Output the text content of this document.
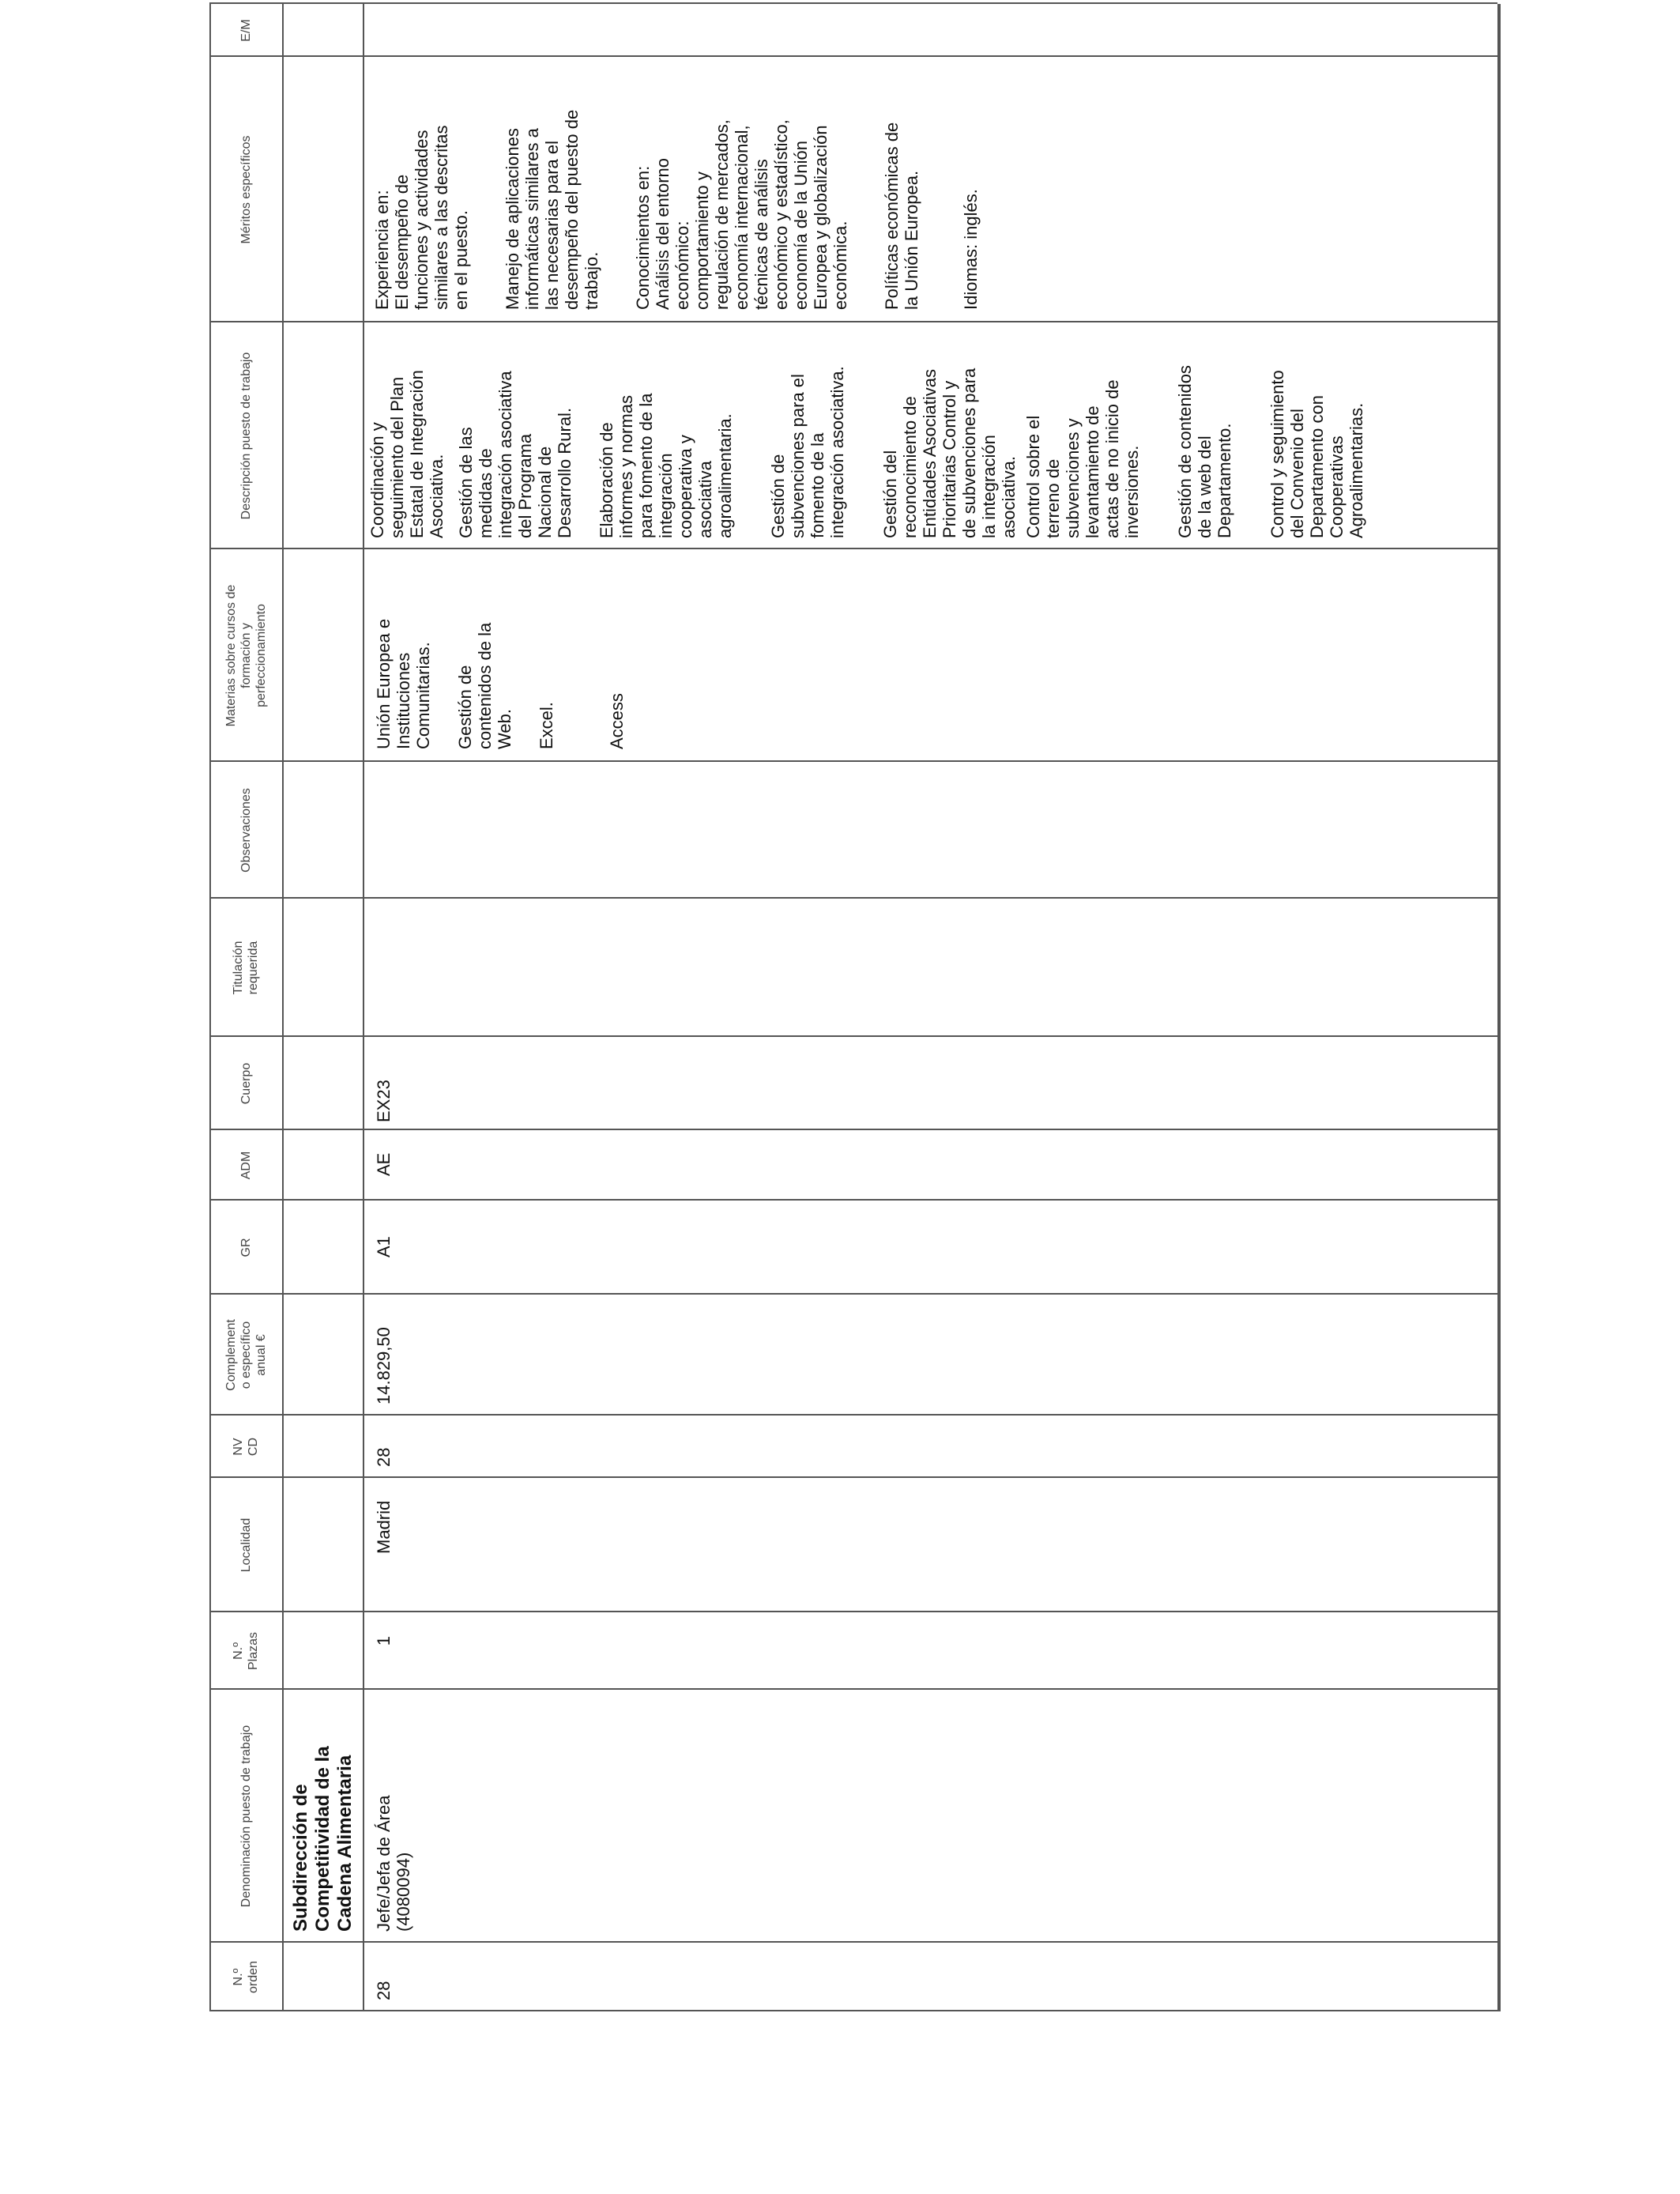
N.º
orden
Denominación puesto de trabajo
N.º
Plazas
Localidad
NV
CD
Complement
o específico
anual €
GR
ADM
Cuerpo
Titulación
requerida
Observaciones
Materias sobre cursos de
formación y
perfeccionamiento
Descripción puesto de trabajo
Méritos específicos
E/M
Subdirección de
Competitividad de la
Cadena Alimentaria
28
Jefe/Jefa de Área
(4080094)
1
Madrid
28
14.829,50
A1
AE
EX23
Unión Europea e
Instituciones
Comunitarias. Gestión de
contenidos de la
Web. Excel.	Access
Coordinación y
seguimiento del Plan
Estatal de Integración
Asociativa. Gestión de las
medidas de
integración asociativa
del Programa
Nacional de
Desarrollo Rural.
Elaboración de
informes y normas
para fomento de la
integración
cooperativa y
asociativa
agroalimentaria. Gestión de
subvenciones para el
fomento de la
integración asociativa.
Gestión del
reconocimiento de
Entidades Asociativas
Prioritarias Control y
de subvenciones para
la integración
asociativa. Control sobre el
terreno de
subvenciones y
levantamiento de
actas de no inicio de
inversiones. Gestión de contenidos
de la web del
Departamento. Control y seguimiento
del Convenio del
Departamento con
Cooperativas
Agroalimentarias.
Experiencia en:
El desempeño de
funciones y actividades
similares a las descritas
en el puesto.
Manejo de aplicaciones
informáticas similares a
las necesarias para el
desempeño del puesto de
trabajo. Conocimientos en:
Análisis del entorno
económico:
comportamiento y
regulación de mercados,
economía internacional,
técnicas de análisis
económico y estadístico,
economía de la Unión
Europea y globalización
económica. Políticas económicas de
la Unión Europea. Idiomas: inglés.
